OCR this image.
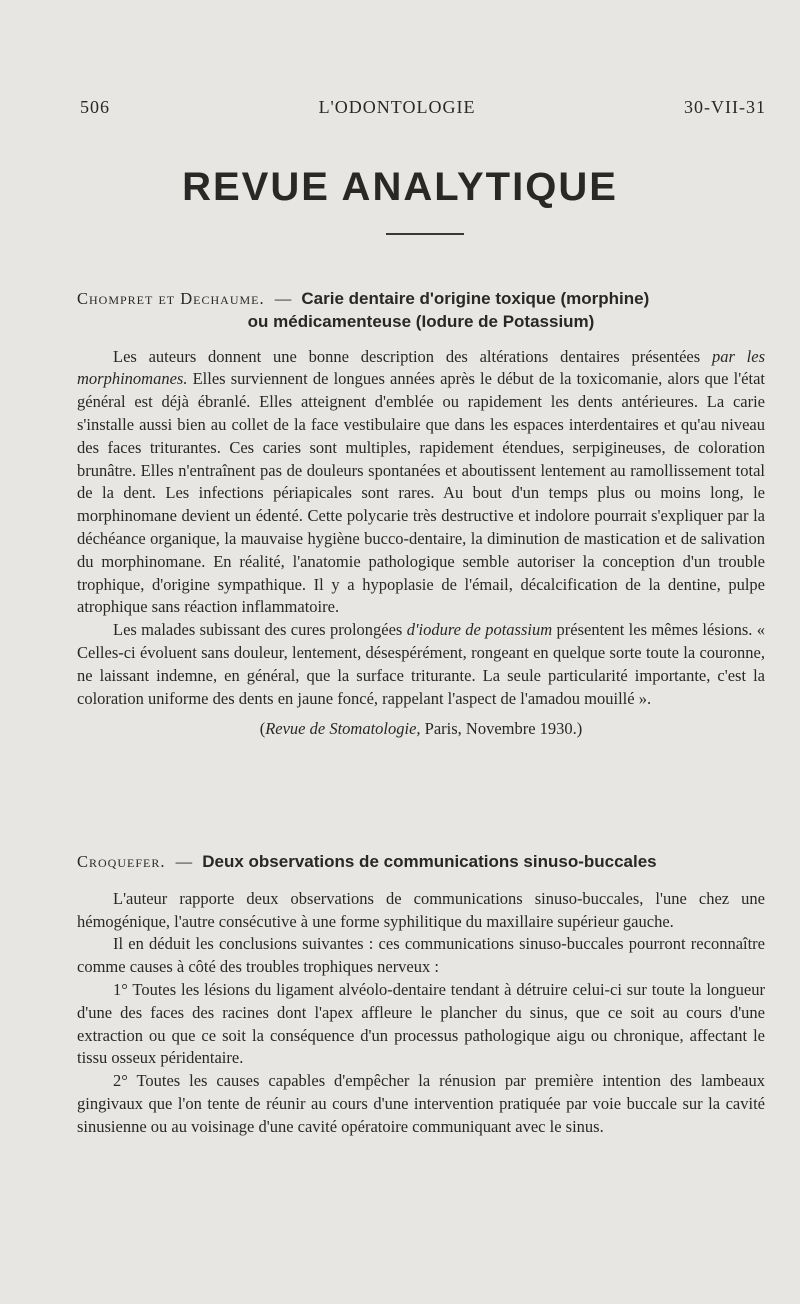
506	L'ODONTOLOGIE	30-VII-31
REVUE ANALYTIQUE
Chompret et Dechaume. — Carie dentaire d'origine toxique (morphine)
ou médicamenteuse (Iodure de Potassium)

Les auteurs donnent une bonne description des altérations dentaires présentées par les morphinomanes. Elles surviennent de longues années après le début de la toxicomanie, alors que l'état général est déjà ébranlé. Elles atteignent d'emblée ou rapidement les dents antérieures. La carie s'installe aussi bien au collet de la face vestibulaire que dans les espaces interdentaires et qu'au niveau des faces triturantes. Ces caries sont multiples, rapidement étendues, serpigineuses, de coloration brunâtre. Elles n'entraînent pas de douleurs spontanées et aboutissent lentement au ramollissement total de la dent. Les infections périapicales sont rares. Au bout d'un temps plus ou moins long, le morphinomane devient un édenté. Cette polycarie très destructive et indolore pourrait s'expliquer par la déchéance organique, la mauvaise hygiène bucco-dentaire, la diminution de mastication et de salivation du morphinomane. En réalité, l'anatomie pathologique semble autoriser la conception d'un trouble trophique, d'origine sympathique. Il y a hypoplasie de l'émail, décalcification de la dentine, pulpe atrophique sans réaction inflammatoire.

Les malades subissant des cures prolongées d'iodure de potassium présentent les mêmes lésions. « Celles-ci évoluent sans douleur, lentement, désespérément, rongeant en quelque sorte toute la couronne, ne laissant indemne, en général, que la surface triturante. La seule particularité importante, c'est la coloration uniforme des dents en jaune foncé, rappelant l'aspect de l'amadou mouillé ».

(Revue de Stomatologie, Paris, Novembre 1930.)

Croquefer. — Deux observations de communications sinuso-buccales

L'auteur rapporte deux observations de communications sinuso-buccales, l'une chez une hémogénique, l'autre consécutive à une forme syphilitique du maxillaire supérieur gauche.

Il en déduit les conclusions suivantes : ces communications sinuso-buccales pourront reconnaître comme causes à côté des troubles trophiques nerveux :

1° Toutes les lésions du ligament alvéolo-dentaire tendant à détruire celui-ci sur toute la longueur d'une des faces des racines dont l'apex affleure le plancher du sinus, que ce soit au cours d'une extraction ou que ce soit la conséquence d'un processus pathologique aigu ou chronique, affectant le tissu osseux péridentaire.

2° Toutes les causes capables d'empêcher la rénusion par première intention des lambeaux gingivaux que l'on tente de réunir au cours d'une intervention pratiquée par voie buccale sur la cavité sinusienne ou au voisinage d'une cavité opératoire communiquant avec le sinus.
